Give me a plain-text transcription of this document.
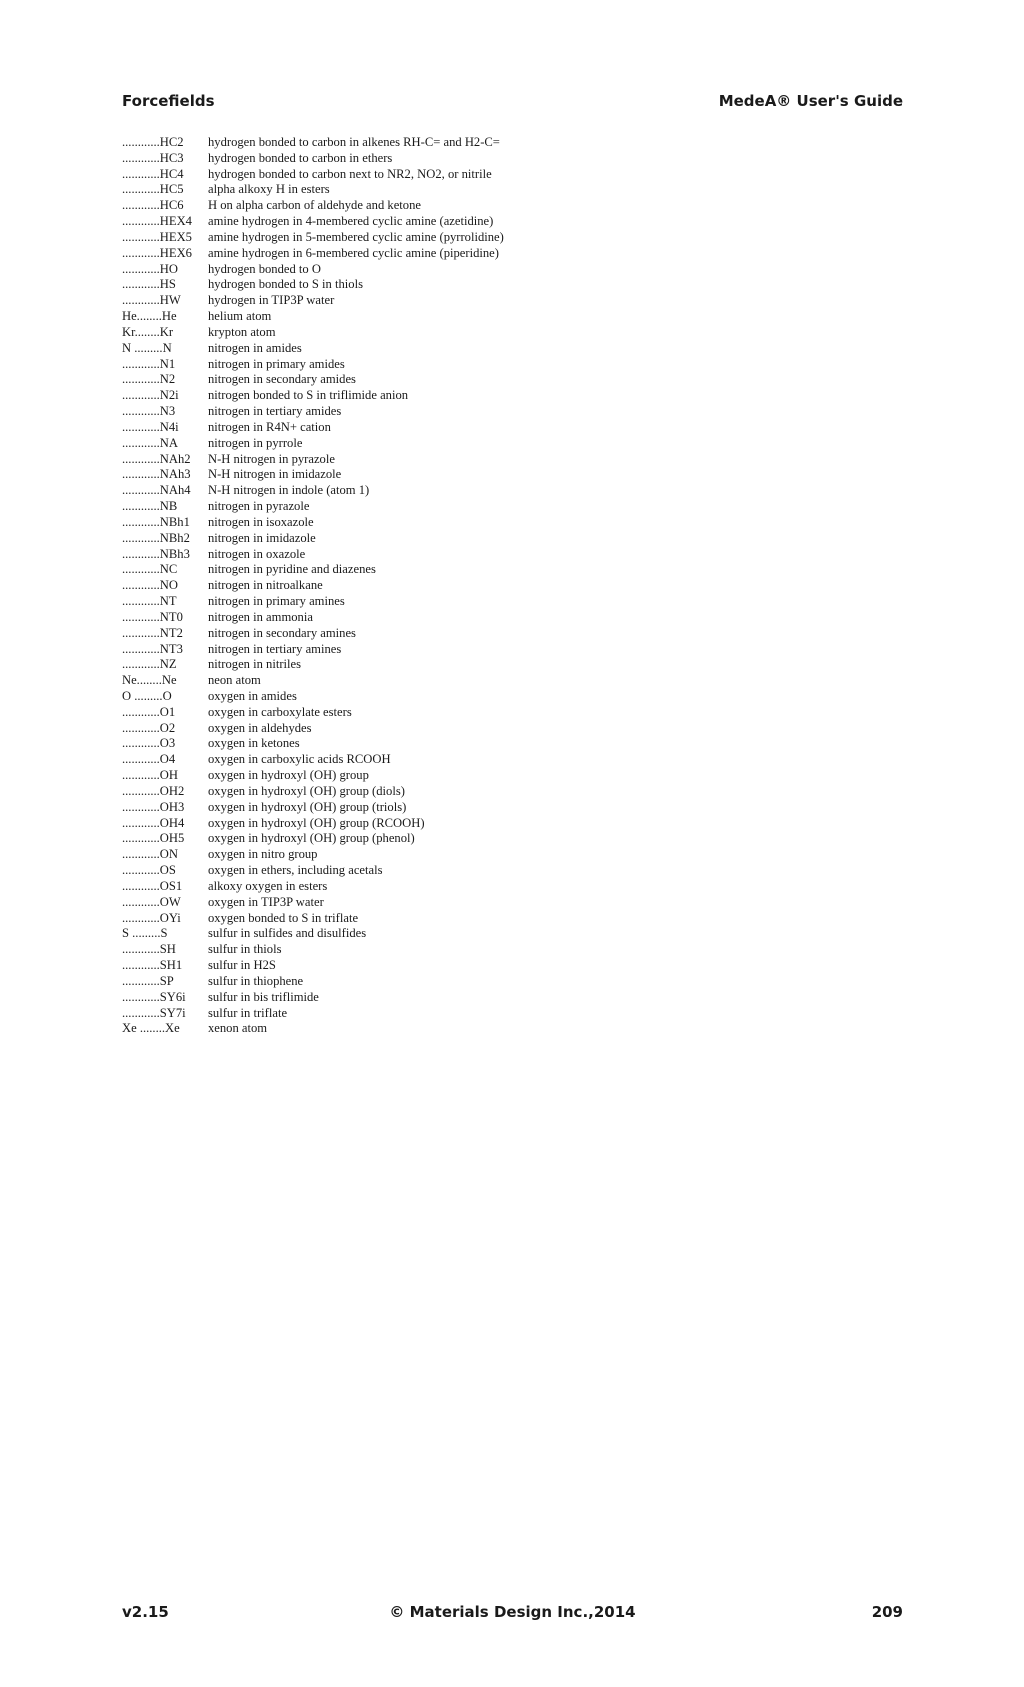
Forcefields	MedeA® User's Guide
............HC2	hydrogen bonded to carbon in alkenes RH-C= and H2-C=
............HC3	hydrogen bonded to carbon in ethers
............HC4	hydrogen bonded to carbon next to NR2, NO2, or nitrile
............HC5	alpha alkoxy H in esters
............HC6	H on alpha carbon of aldehyde and ketone
............HEX4	amine hydrogen in 4-membered cyclic amine (azetidine)
............HEX5	amine hydrogen in 5-membered cyclic amine (pyrrolidine)
............HEX6	amine hydrogen in 6-membered cyclic amine (piperidine)
............HO	hydrogen bonded to O
............HS	hydrogen bonded to S in thiols
............HW	hydrogen in TIP3P water
He........He	helium atom
Kr........Kr	krypton atom
N .........N	nitrogen in amides
............N1	nitrogen in primary amides
............N2	nitrogen in secondary amides
............N2i	nitrogen bonded to S in triflimide anion
............N3	nitrogen in tertiary amides
............N4i	nitrogen in R4N+ cation
............NA	nitrogen in pyrrole
............NAh2	N-H nitrogen in pyrazole
............NAh3	N-H nitrogen in imidazole
............NAh4	N-H nitrogen in indole (atom 1)
............NB	nitrogen in pyrazole
............NBh1	nitrogen in isoxazole
............NBh2	nitrogen in imidazole
............NBh3	nitrogen in oxazole
............NC	nitrogen in pyridine and diazenes
............NO	nitrogen in nitroalkane
............NT	nitrogen in primary amines
............NT0	nitrogen in ammonia
............NT2	nitrogen in secondary amines
............NT3	nitrogen in tertiary amines
............NZ	nitrogen in nitriles
Ne........Ne	neon atom
O .........O	oxygen in amides
............O1	oxygen in carboxylate esters
............O2	oxygen in aldehydes
............O3	oxygen in ketones
............O4	oxygen in carboxylic acids RCOOH
............OH	oxygen in hydroxyl (OH) group
............OH2	oxygen in hydroxyl (OH) group (diols)
............OH3	oxygen in hydroxyl (OH) group (triols)
............OH4	oxygen in hydroxyl (OH) group (RCOOH)
............OH5	oxygen in hydroxyl (OH) group (phenol)
............ON	oxygen in nitro group
............OS	oxygen in ethers, including acetals
............OS1	alkoxy oxygen in esters
............OW	oxygen in TIP3P water
............OYi	oxygen bonded to S in triflate
S .........S	sulfur in sulfides and disulfides
............SH	sulfur in thiols
............SH1	sulfur in H2S
............SP	sulfur in thiophene
............SY6i	sulfur in bis triflimide
............SY7i	sulfur in triflate
Xe ........Xe	xenon atom
v2.15	© Materials Design Inc.,2014	209
